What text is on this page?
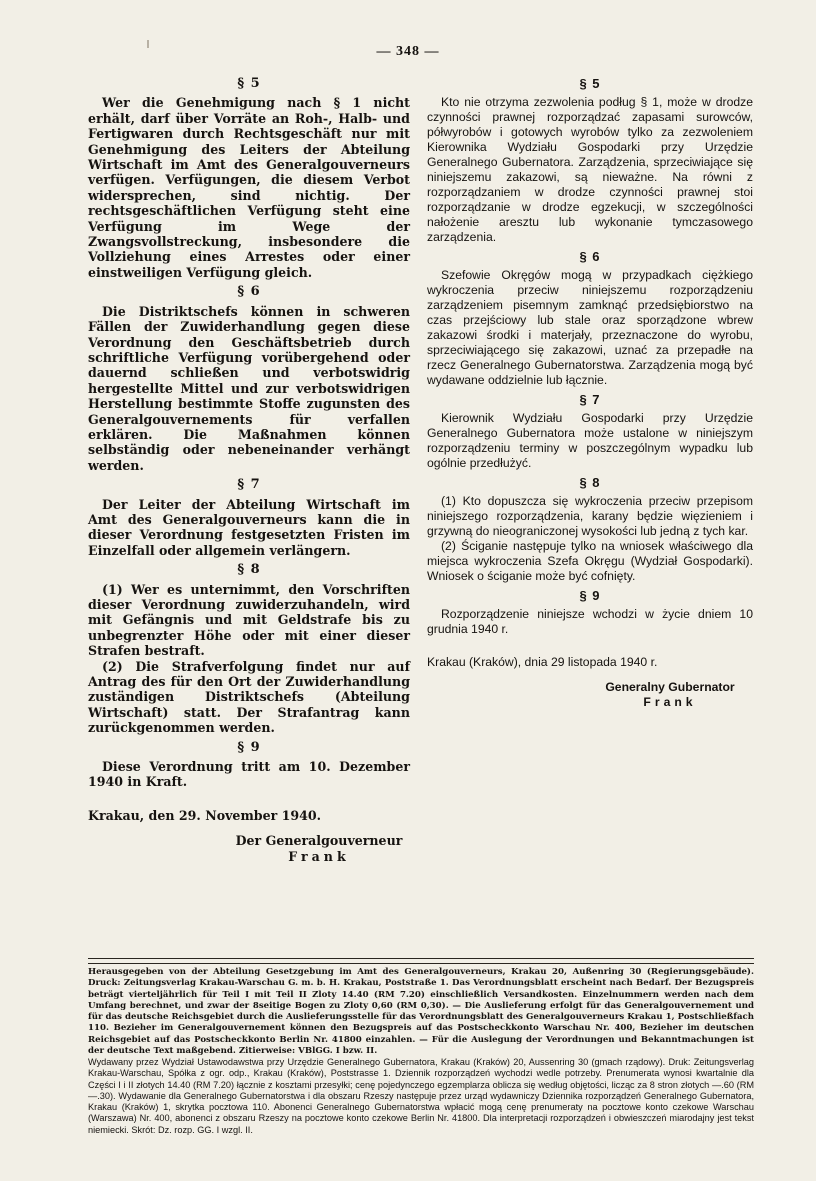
— 348 —
§ 5

Wer die Genehmigung nach § 1 nicht erhält, darf über Vorräte an Roh-, Halb- und Fertigwaren durch Rechtsgeschäft nur mit Genehmigung des Leiters der Abteilung Wirtschaft im Amt des Generalgouverneurs verfügen. Verfügungen, die diesem Verbot widersprechen, sind nichtig. Der rechtsgeschäftlichen Verfügung steht eine Verfügung im Wege der Zwangsvollstreckung, insbesondere die Vollziehung eines Arrestes oder einer einstweiligen Verfügung gleich.

§ 6

Die Distriktschefs können in schweren Fällen der Zuwiderhandlung gegen diese Verordnung den Geschäftsbetrieb durch schriftliche Verfügung vorübergehend oder dauernd schließen und verbotswidrig hergestellte Mittel und zur verbotswidrigen Herstellung bestimmte Stoffe zugunsten des Generalgouvernements für verfallen erklären. Die Maßnahmen können selbständig oder nebeneinander verhängt werden.

§ 7

Der Leiter der Abteilung Wirtschaft im Amt des Generalgouverneurs kann die in dieser Verordnung festgesetzten Fristen im Einzelfall oder allgemein verlängern.

§ 8

(1) Wer es unternimmt, den Vorschriften dieser Verordnung zuwiderzuhandeln, wird mit Gefängnis und mit Geldstrafe bis zu unbegrenzter Höhe oder mit einer dieser Strafen bestraft.

(2) Die Strafverfolgung findet nur auf Antrag des für den Ort der Zuwiderhandlung zuständigen Distriktschefs (Abteilung Wirtschaft) statt. Der Strafantrag kann zurückgenommen werden.

§ 9

Diese Verordnung tritt am 10. Dezember 1940 in Kraft.

Krakau, den 29. November 1940.

Der Generalgouverneur
Frank
§ 5

Kto nie otrzyma zezwolenia podług § 1, może w drodze czynności prawnej rozporządzać zapasami surowców, półwyrobów i gotowych wyrobów tylko za zezwoleniem Kierownika Wydziału Gospodarki przy Urzędzie Generalnego Gubernatora. Zarządzenia, sprzeciwiające się niniejszemu zakazowi, są nieważne. Na równi z rozporządzaniem w drodze czynności prawnej stoi rozporządzanie w drodze egzekucji, w szczególności nałożenie aresztu lub wykonanie tymczasowego zarządzenia.

§ 6

Szefowie Okręgów mogą w przypadkach ciężkiego wykroczenia przeciw niniejszemu rozporządzeniu zarządzeniem pisemnym zamknąć przedsiębiorstwo na czas przejściowy lub stale oraz sporządzone wbrew zakazowi środki i materjały, przeznaczone do wyrobu, sprzeciwiającego się zakazowi, uznać za przepadłe na rzecz Generalnego Gubernatorstwa. Zarządzenia mogą być wydawane oddzielnie lub łącznie.

§ 7

Kierownik Wydziału Gospodarki przy Urzędzie Generalnego Gubernatora może ustalone w niniejszym rozporządzeniu terminy w poszczególnym wypadku lub ogólnie przedłużyć.

§ 8

(1) Kto dopuszcza się wykroczenia przeciw przepisom niniejszego rozporządzenia, karany będzie więzieniem i grzywną do nieograniczonej wysokości lub jedną z tych kar.

(2) Ściganie następuje tylko na wniosek właściwego dla miejsca wykroczenia Szefa Okręgu (Wydział Gospodarki). Wniosek o ściganie może być cofnięty.

§ 9

Rozporządzenie niniejsze wchodzi w życie dniem 10 grudnia 1940 r.

Krakau (Kraków), dnia 29 listopada 1940 r.

Generalny Gubernator
Frank
Herausgegeben von der Abteilung Gesetzgebung im Amt des Generalgouverneurs, Krakau 20, Außenring 30 (Regierungsgebäude). Druck: Zeitungsverlag Krakau-Warschau G. m. b. H. Krakau, Poststraße 1. Das Verordnungsblatt erscheint nach Bedarf. Der Bezugspreis beträgt vierteljährlich für Teil I mit Teil II Zloty 14.40 (RM 7.20) einschließlich Versandkosten. Einzelnummern werden nach dem Umfang berechnet, und zwar der 8seitige Bogen zu Zloty 0,60 (RM 0,30). — Die Auslieferung erfolgt für das Generalgouvernement und für das deutsche Reichsgebiet durch die Auslieferungsstelle für das Verordnungsblatt des Generalgouverneurs Krakau 1, Postschließfach 110. Bezieher im Generalgouvernement können den Bezugspreis auf das Postscheckkonto Warschau Nr. 400, Bezieher im deutschen Reichsgebiet auf das Postscheckkonto Berlin Nr. 41800 einzahlen. — Für die Auslegung der Verordnungen und Bekanntmachungen ist der deutsche Text maßgebend. Zitierweise: VBlGG. I bzw. II.
Wydawany przez Wydział Ustawodawstwa przy Urzędzie Generalnego Gubernatora, Krakau (Kraków) 20, Aussenring 30 (gmach rządowy). Druk: Zeitungsverlag Krakau-Warschau, Spółka z ogr. odp., Krakau (Kraków), Poststrasse 1. Dziennik rozporządzeń wychodzi wedle potrzeby. Prenumerata wynosi kwartalnie dla Części I i II złotych 14.40 (RM 7.20) łącznie z kosztami przesyłki; cenę pojedynczego egzemplarza oblicza się według objętości, licząc za 8 stron złotych —.60 (RM —.30). Wydawanie dla Generalnego Gubernatorstwa i dla obszaru Rzeszy następuje przez urząd wydawniczy Dziennika rozporządzeń Generalnego Gubernatora, Krakau (Kraków) 1, skrytka pocztowa 110. Abonenci Generalnego Gubernatorstwa wpłacić mogą cenę prenumeraty na pocztowe konto czekowe Warschau (Warszawa) Nr. 400, abonenci z obszaru Rzeszy na pocztowe konto czekowe Berlin Nr. 41800. Dla interpretacji rozporządzeń i obwieszczeń miarodajny jest tekst niemiecki. Skrót: Dz. rozp. GG. I wzgl. II.
